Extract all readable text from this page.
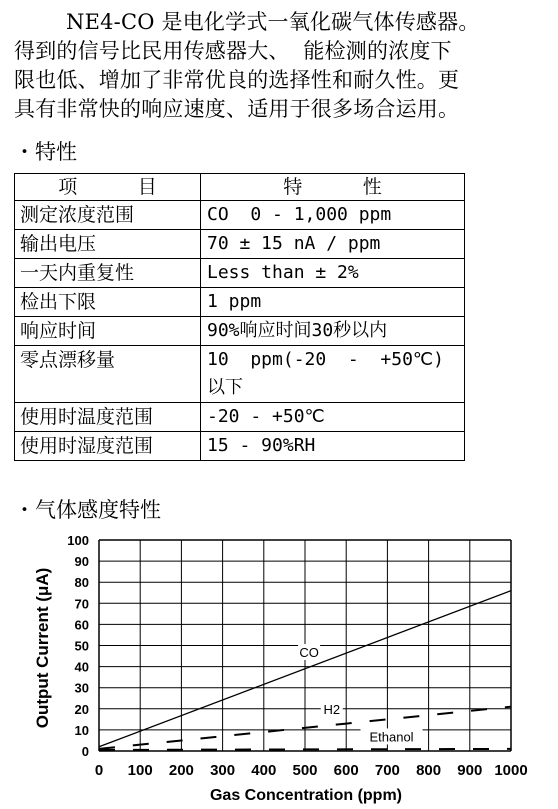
NE4-CO 是电化学式一氧化碳气体传感器。

得到的信号比民用传感器大、  能检测的浓度下

限也低、增加了非常优良的选择性和耐久性。更

具有非常快的响应速度、适用于很多场合运用。

・特性
项          目	特          性
测定浓度范围	CO  0 - 1,000 ppm
输出电压	70 ± 15 nA / ppm
一天内重复性	Less than ± 2%
检出下限	1 ppm
响应时间	90%响应时间30秒以内
零点漂移量	10  ppm(-20  -  +50℃)
以下

使用时温度范围	-20 - +50℃
使用时湿度范围	15 - 90%RH
・气体感度特性
0 100 200 300 400 500 600 700 800 900 1000
0
10
20
30
40
50
60
70
80
90
100
CO
H2
Ethanol
Gas Concentration (ppm)
Output Current (μA)
